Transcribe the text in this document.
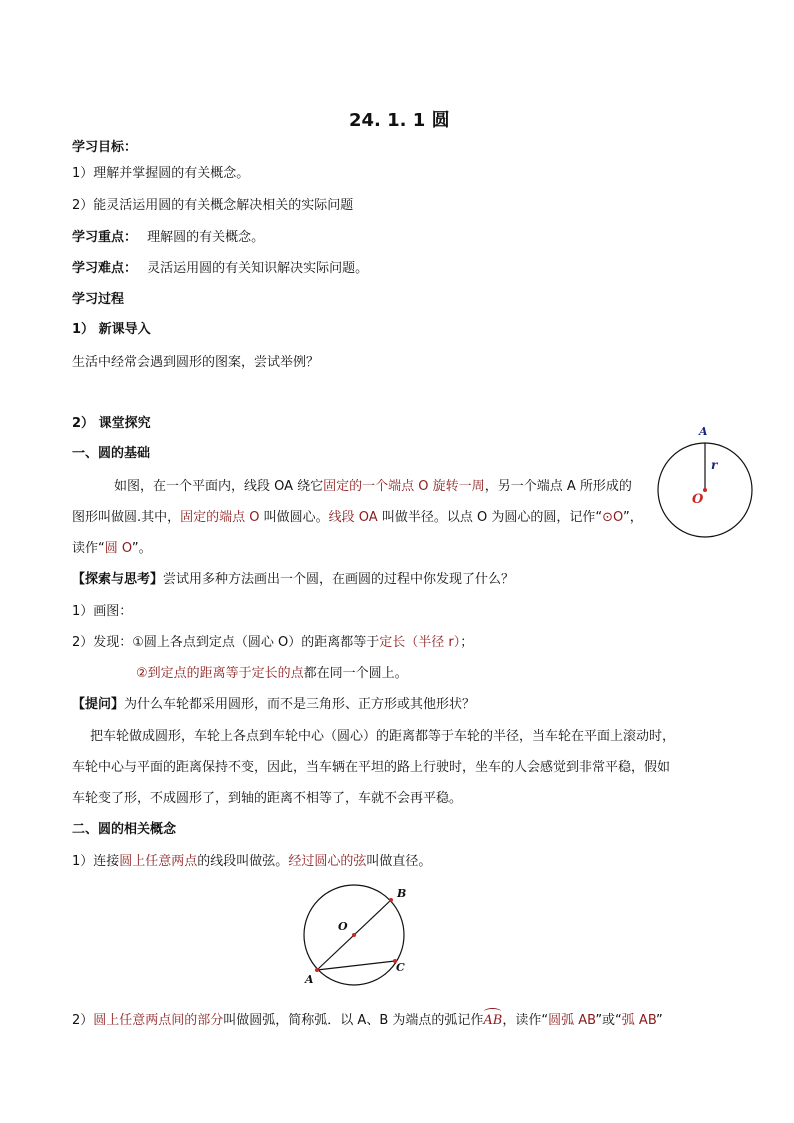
24. 1. 1 圆
学习目标：
1）理解并掌握圆的有关概念。
2）能灵活运用圆的有关概念解决相关的实际问题
学习重点： 理解圆的有关概念。
学习难点： 灵活运用圆的有关知识解决实际问题。
学习过程
1） 新课导入
生活中经常会遇到圆形的图案，尝试举例？
2） 课堂探究
一、圆的基础
如图，在一个平面内，线段 OA 绕它固定的一个端点 O 旋转一周，另一个端点 A 所形成的
图形叫做圆.其中，固定的端点 O 叫做圆心。线段 OA 叫做半径。以点 O 为圆心的圆，记作“⊙O”，
读作“圆 O”。
A
r
O
【探索与思考】尝试用多种方法画出一个圆，在画圆的过程中你发现了什么？
1）画图：
2）发现：①圆上各点到定点（圆心 O）的距离都等于定长（半径 r）；
②到定点的距离等于定长的点都在同一个圆上。
【提问】为什么车轮都采用圆形，而不是三角形、正方形或其他形状？
把车轮做成圆形，车轮上各点到车轮中心（圆心）的距离都等于车轮的半径，当车轮在平面上滚动时，
车轮中心与平面的距离保持不变，因此，当车辆在平坦的路上行驶时，坐车的人会感觉到非常平稳，假如
车轮变了形，不成圆形了，到轴的距离不相等了，车就不会再平稳。
二、圆的相关概念
1）连接圆上任意两点的线段叫做弦。经过圆心的弦叫做直径。
O
A
B
C
2）圆上任意两点间的部分叫做圆弧，简称弧．以 A、B 为端点的弧记作
AB，读作“圆弧 AB”或“弧 AB”
